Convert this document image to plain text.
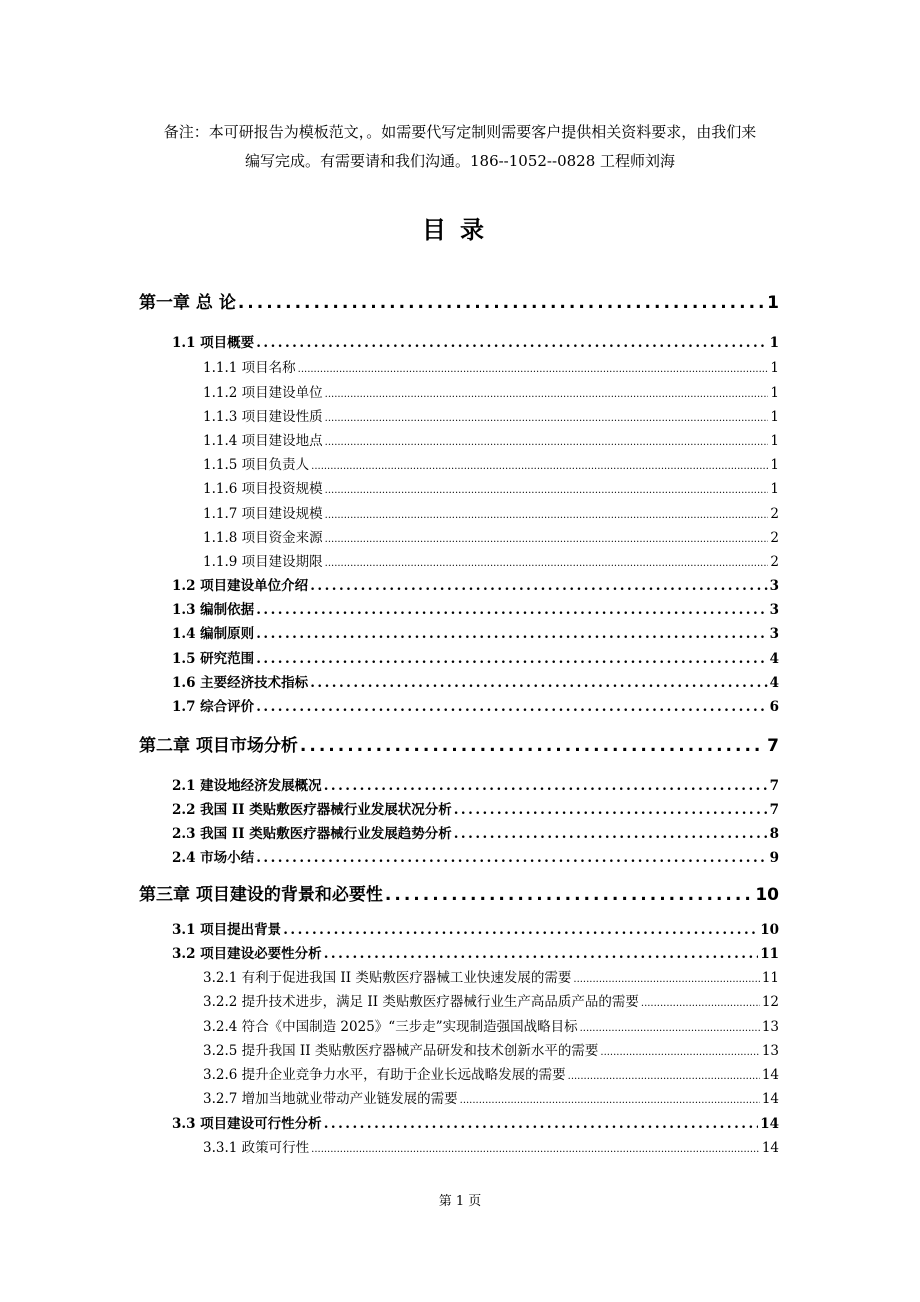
备注：本可研报告为模板范文，。如需要代写定制则需要客户提供相关资料要求，由我们来

编写完成。有需要请和我们沟通。186--1052--0828 工程师刘海

目录
第一章 总 论 .....	1
1.1 项目概要 .....	1
1.1.1 项目名称 .....	1
1.1.2 项目建设单位 .....	1
1.1.3 项目建设性质 .....	1
1.1.4 项目建设地点 .....	1
1.1.5 项目负责人 .....	1
1.1.6 项目投资规模 .....	1
1.1.7 项目建设规模 .....	2
1.1.8 项目资金来源 .....	2
1.1.9 项目建设期限 .....	2
1.2 项目建设单位介绍 .....	3
1.3 编制依据 .....	3
1.4 编制原则 .....	3
1.5 研究范围 .....	4
1.6 主要经济技术指标 .....	4
1.7 综合评价 .....	6
第二章 项目市场分析 .....	7
2.1 建设地经济发展概况 .....	7
2.2 我国 II 类贴敷医疗器械行业发展状况分析 .....	7
2.3 我国 II 类贴敷医疗器械行业发展趋势分析 .....	8
2.4 市场小结 .....	9
第三章 项目建设的背景和必要性 .....	10
3.1 项目提出背景 .....	10
3.2 项目建设必要性分析 .....	11
3.2.1 有利于促进我国 II 类贴敷医疗器械工业快速发展的需要 .....	11
3.2.2 提升技术进步，满足 II 类贴敷医疗器械行业生产高品质产品的需要 .....	12
3.2.4 符合《中国制造 2025》“三步走”实现制造强国战略目标 .....	13
3.2.5 提升我国 II 类贴敷医疗器械产品研发和技术创新水平的需要 .....	13
3.2.6 提升企业竞争力水平，有助于企业长远战略发展的需要 .....	14
3.2.7 增加当地就业带动产业链发展的需要 .....	14
3.3 项目建设可行性分析 .....	14
3.3.1 政策可行性 .....	14
第 1 页
